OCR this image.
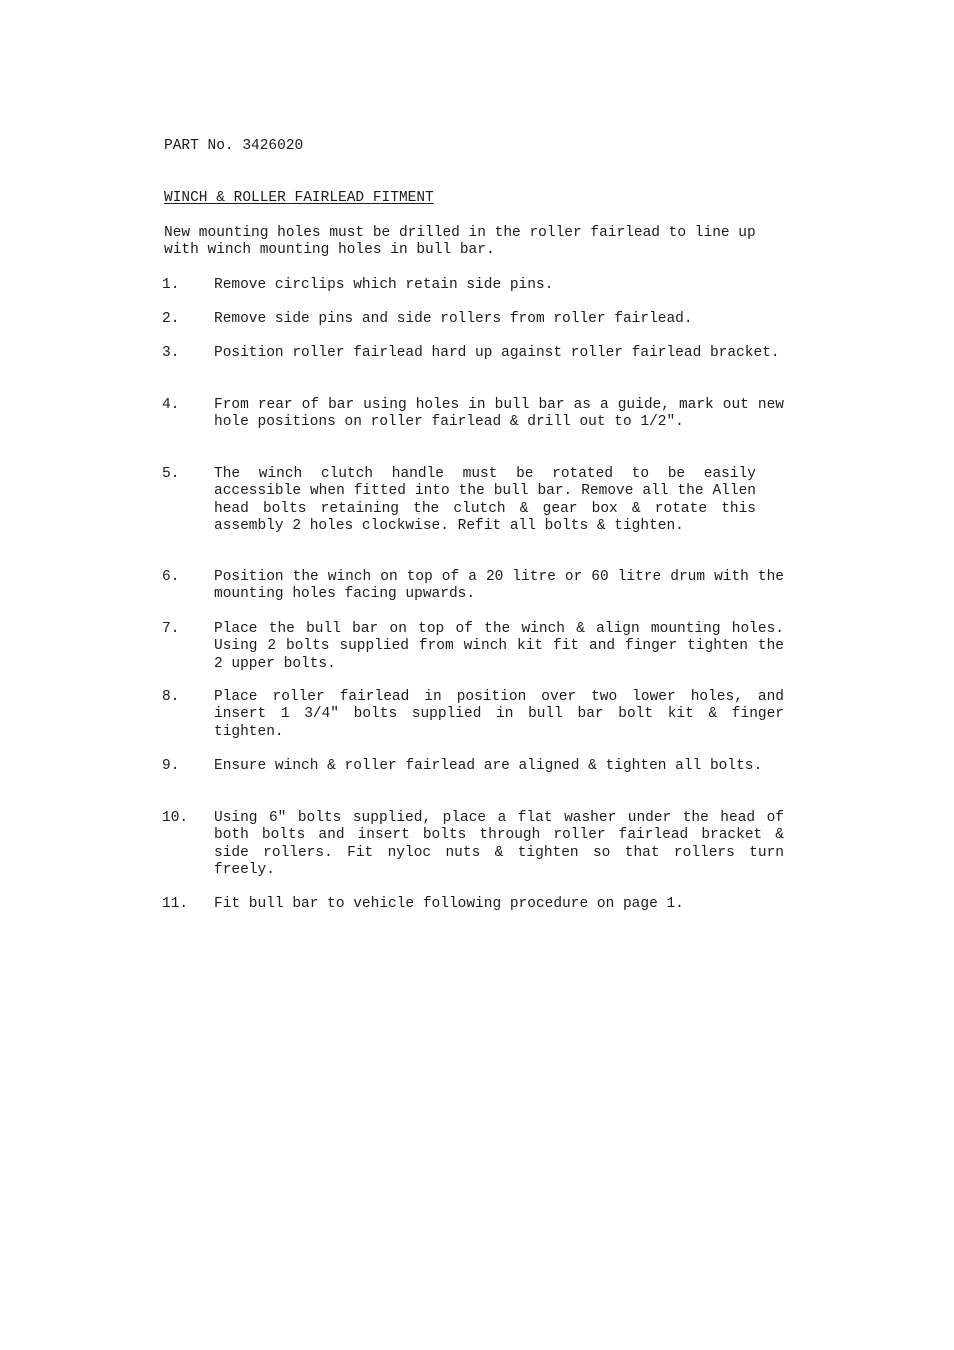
PART No. 3426020
WINCH & ROLLER FAIRLEAD FITMENT
New mounting holes must be drilled in the roller fairlead to line up with winch mounting holes in bull bar.
1. Remove circlips which retain side pins.
2. Remove side pins and side rollers from roller fairlead.
3. Position roller fairlead hard up against roller fairlead bracket.
4. From rear of bar using holes in bull bar as a guide, mark out new hole positions on roller fairlead & drill out to 1/2".
5. The winch clutch handle must be rotated to be easily accessible when fitted into the bull bar. Remove all the Allen head bolts retaining the clutch & gear box & rotate this assembly 2 holes clockwise. Refit all bolts & tighten.
6. Position the winch on top of a 20 litre or 60 litre drum with the mounting holes facing upwards.
7. Place the bull bar on top of the winch & align mounting holes. Using 2 bolts supplied from winch kit fit and finger tighten the 2 upper bolts.
8. Place roller fairlead in position over two lower holes, and insert 1 3/4" bolts supplied in bull bar bolt kit & finger tighten.
9. Ensure winch & roller fairlead are aligned & tighten all bolts.
10. Using 6" bolts supplied, place a flat washer under the head of both bolts and insert bolts through roller fairlead bracket & side rollers. Fit nyloc nuts & tighten so that rollers turn freely.
11. Fit bull bar to vehicle following procedure on page 1.
